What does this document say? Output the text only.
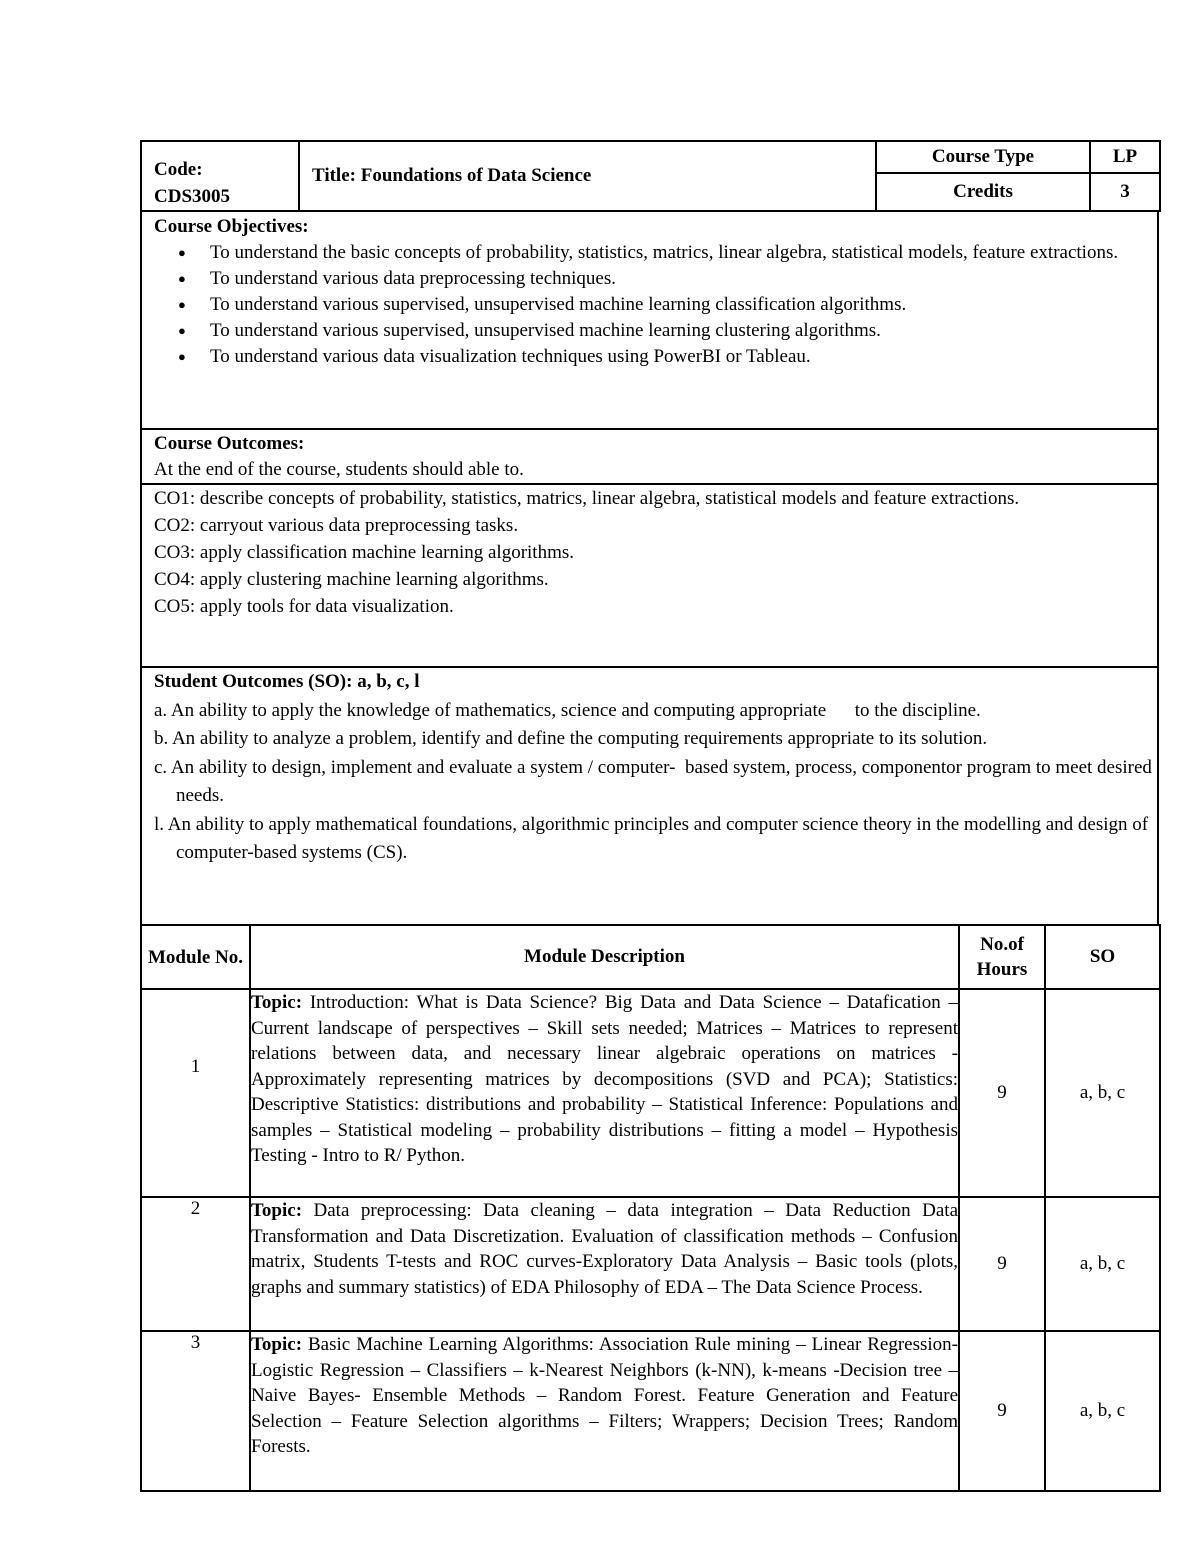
Code:
CDS3005	Title: Foundations of Data Science	Course Type	LP
		Credits	3
Course Objectives:
● To understand the basic concepts of probability, statistics, matrics, linear algebra, statistical models, feature extractions.
● To understand various data preprocessing techniques.
● To understand various supervised, unsupervised machine learning classification algorithms.
● To understand various supervised, unsupervised machine learning clustering algorithms.
● To understand various data visualization techniques using PowerBI or Tableau.
Course Outcomes:
At the end of the course, students should able to.

CO1: describe concepts of probability, statistics, matrics, linear algebra, statistical models and feature extractions.

CO2: carryout various data preprocessing tasks.

CO3: apply classification machine learning algorithms.

CO4: apply clustering machine learning algorithms.

CO5: apply tools for data visualization.

Student Outcomes (SO): a, b, c, l

a. An ability to apply the knowledge of mathematics, science and computing appropriate      to the discipline.

b. An ability to analyze a problem, identify and define the computing requirements appropriate to its solution.

c. An ability to design, implement and evaluate a system / computer-  based system, process, componentor program to meet desired needs.

l. An ability to apply mathematical foundations, algorithmic principles and computer science theory in the modelling and design of computer-based systems (CS).

Module No.	Module Description	No.of Hours	SO
1	Topic: Introduction: What is Data Science? Big Data and Data Science – Datafication – Current landscape of perspectives – Skill sets needed; Matrices – Matrices to represent relations between data, and necessary linear algebraic operations on matrices -Approximately representing matrices by decompositions (SVD and PCA); Statistics: Descriptive Statistics: distributions and probability – Statistical Inference: Populations and samples – Statistical modeling – probability distributions – fitting a model – Hypothesis Testing - Intro to R/ Python.	9	a, b, c
2	Topic: Data preprocessing: Data cleaning – data integration – Data Reduction Data Transformation and Data Discretization. Evaluation of classification methods – Confusion matrix, Students T-tests and ROC curves-Exploratory Data Analysis – Basic tools (plots, graphs and summary statistics) of EDA Philosophy of EDA – The Data Science Process.	9	a, b, c
3	Topic: Basic Machine Learning Algorithms: Association Rule mining – Linear Regression- Logistic Regression – Classifiers – k-Nearest Neighbors (k-NN), k-means -Decision tree – Naive Bayes- Ensemble Methods – Random Forest. Feature Generation and Feature Selection – Feature Selection algorithms – Filters; Wrappers; Decision Trees; Random Forests.	9	a, b, c
